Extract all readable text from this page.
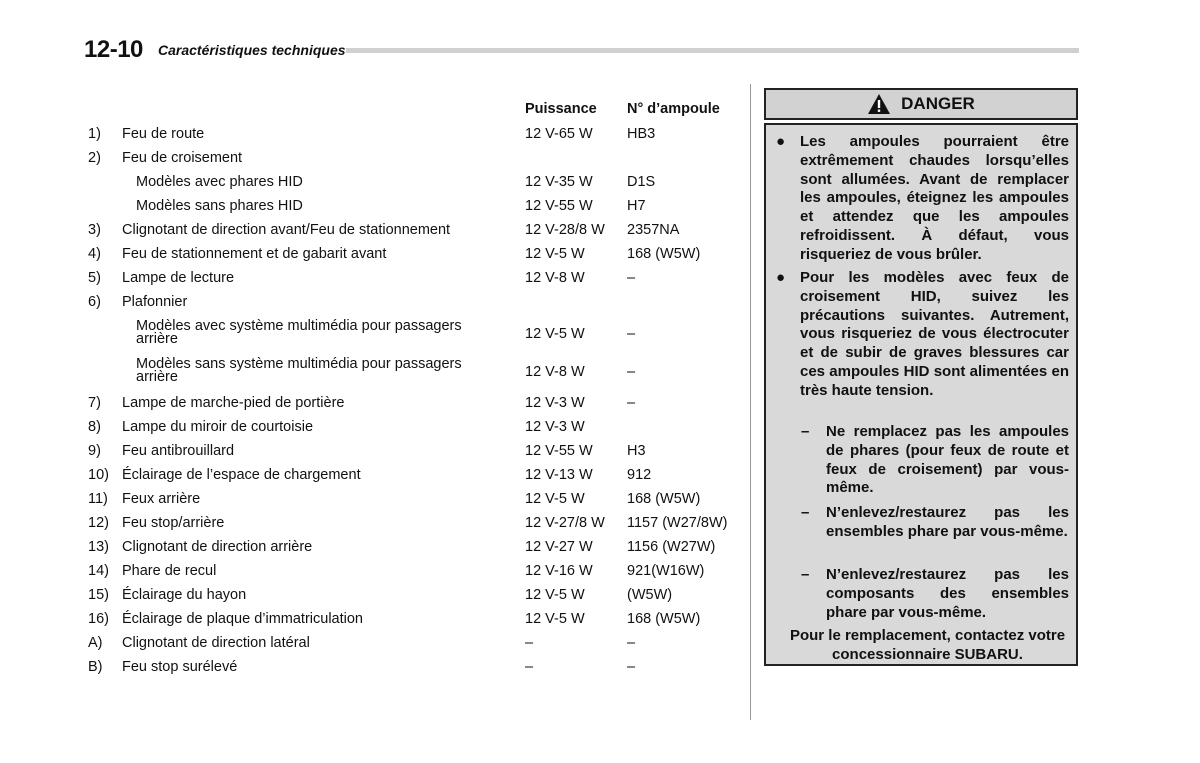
12-10 Caractéristiques techniques
Puissance N° d’ampoule
1) Feu de route	12 V-65 W HB3
2) Feu de croisement
Modèles avec phares HID	12 V-35 W D1S
Modèles sans phares HID	12 V-55 W H7
3) Clignotant de direction avant/Feu de stationnement	12 V-28/8 W 2357NA
4) Feu de stationnement et de gabarit avant	12 V-5 W	168 (W5W)
5) Lampe de lecture	12 V-8 W	–
6) Plafonnier
Modèles avec système multimédia pour passagers arrière	12 V-5 W	–
Modèles sans système multimédia pour passagers arrière	12 V-8 W	–
7) Lampe de marche-pied de portière	12 V-3 W	–
8) Lampe du miroir de courtoisie	12 V-3 W
9) Feu antibrouillard	12 V-55 W H3
10) Éclairage de l’espace de chargement	12 V-13 W 912
11) Feux arrière	12 V-5 W	168 (W5W)
12) Feu stop/arrière	12 V-27/8 W 1157 (W27/8W)
13) Clignotant de direction arrière	12 V-27 W 1156 (W27W)
14) Phare de recul	12 V-16 W 921(W16W)
15) Éclairage du hayon	12 V-5 W	(W5W)
16) Éclairage de plaque d’immatriculation	12 V-5 W	168 (W5W)
A) Clignotant de direction latéral	–	–
B) Feu stop surélevé	–	–
DANGER
● Les ampoules pourraient être extrêmement chaudes lorsqu’elles sont allumées. Avant de remplacer les ampoules, éteignez les ampoules et attendez que les ampoules refroidissent. À défaut, vous risqueriez de vous brûler.
● Pour les modèles avec feux de croisement HID, suivez les précautions suivantes. Autrement, vous risqueriez de vous électrocuter et de subir de graves blessures car ces ampoules HID sont alimentées en très haute tension.
– Ne remplacez pas les ampoules de phares (pour feux de route et feux de croisement) par vous-même.
– N’enlevez/restaurez pas les ensembles phare par vous-même.
– N’enlevez/restaurez pas les composants des ensembles phare par vous-même.
Pour le remplacement, contactez votre concessionnaire SUBARU.
